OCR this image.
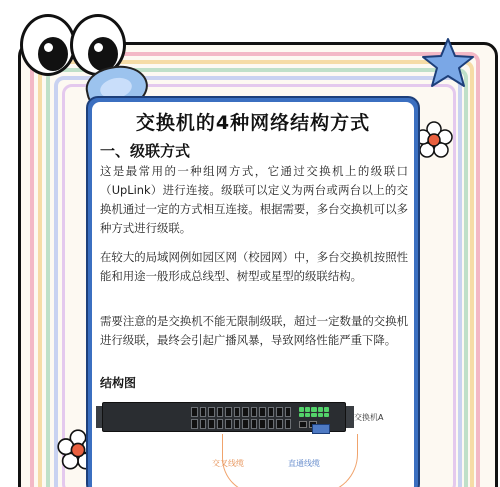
交换机的4种网络结构方式
一、级联方式
这是最常用的一种组网方式，它通过交换机上的级联口（UpLink）进行连接。级联可以定义为两台或两台以上的交换机通过一定的方式相互连接。根据需要，多台交换机可以多种方式进行级联。
在较大的局域网例如园区网（校园网）中，多台交换机按照性能和用途一般形成总线型、树型或星型的级联结构。
需要注意的是交换机不能无限制级联，超过一定数量的交换机进行级联，最终会引起广播风暴，导致网络性能严重下降。
结构图
交换机A
交叉线缆	直通线缆
